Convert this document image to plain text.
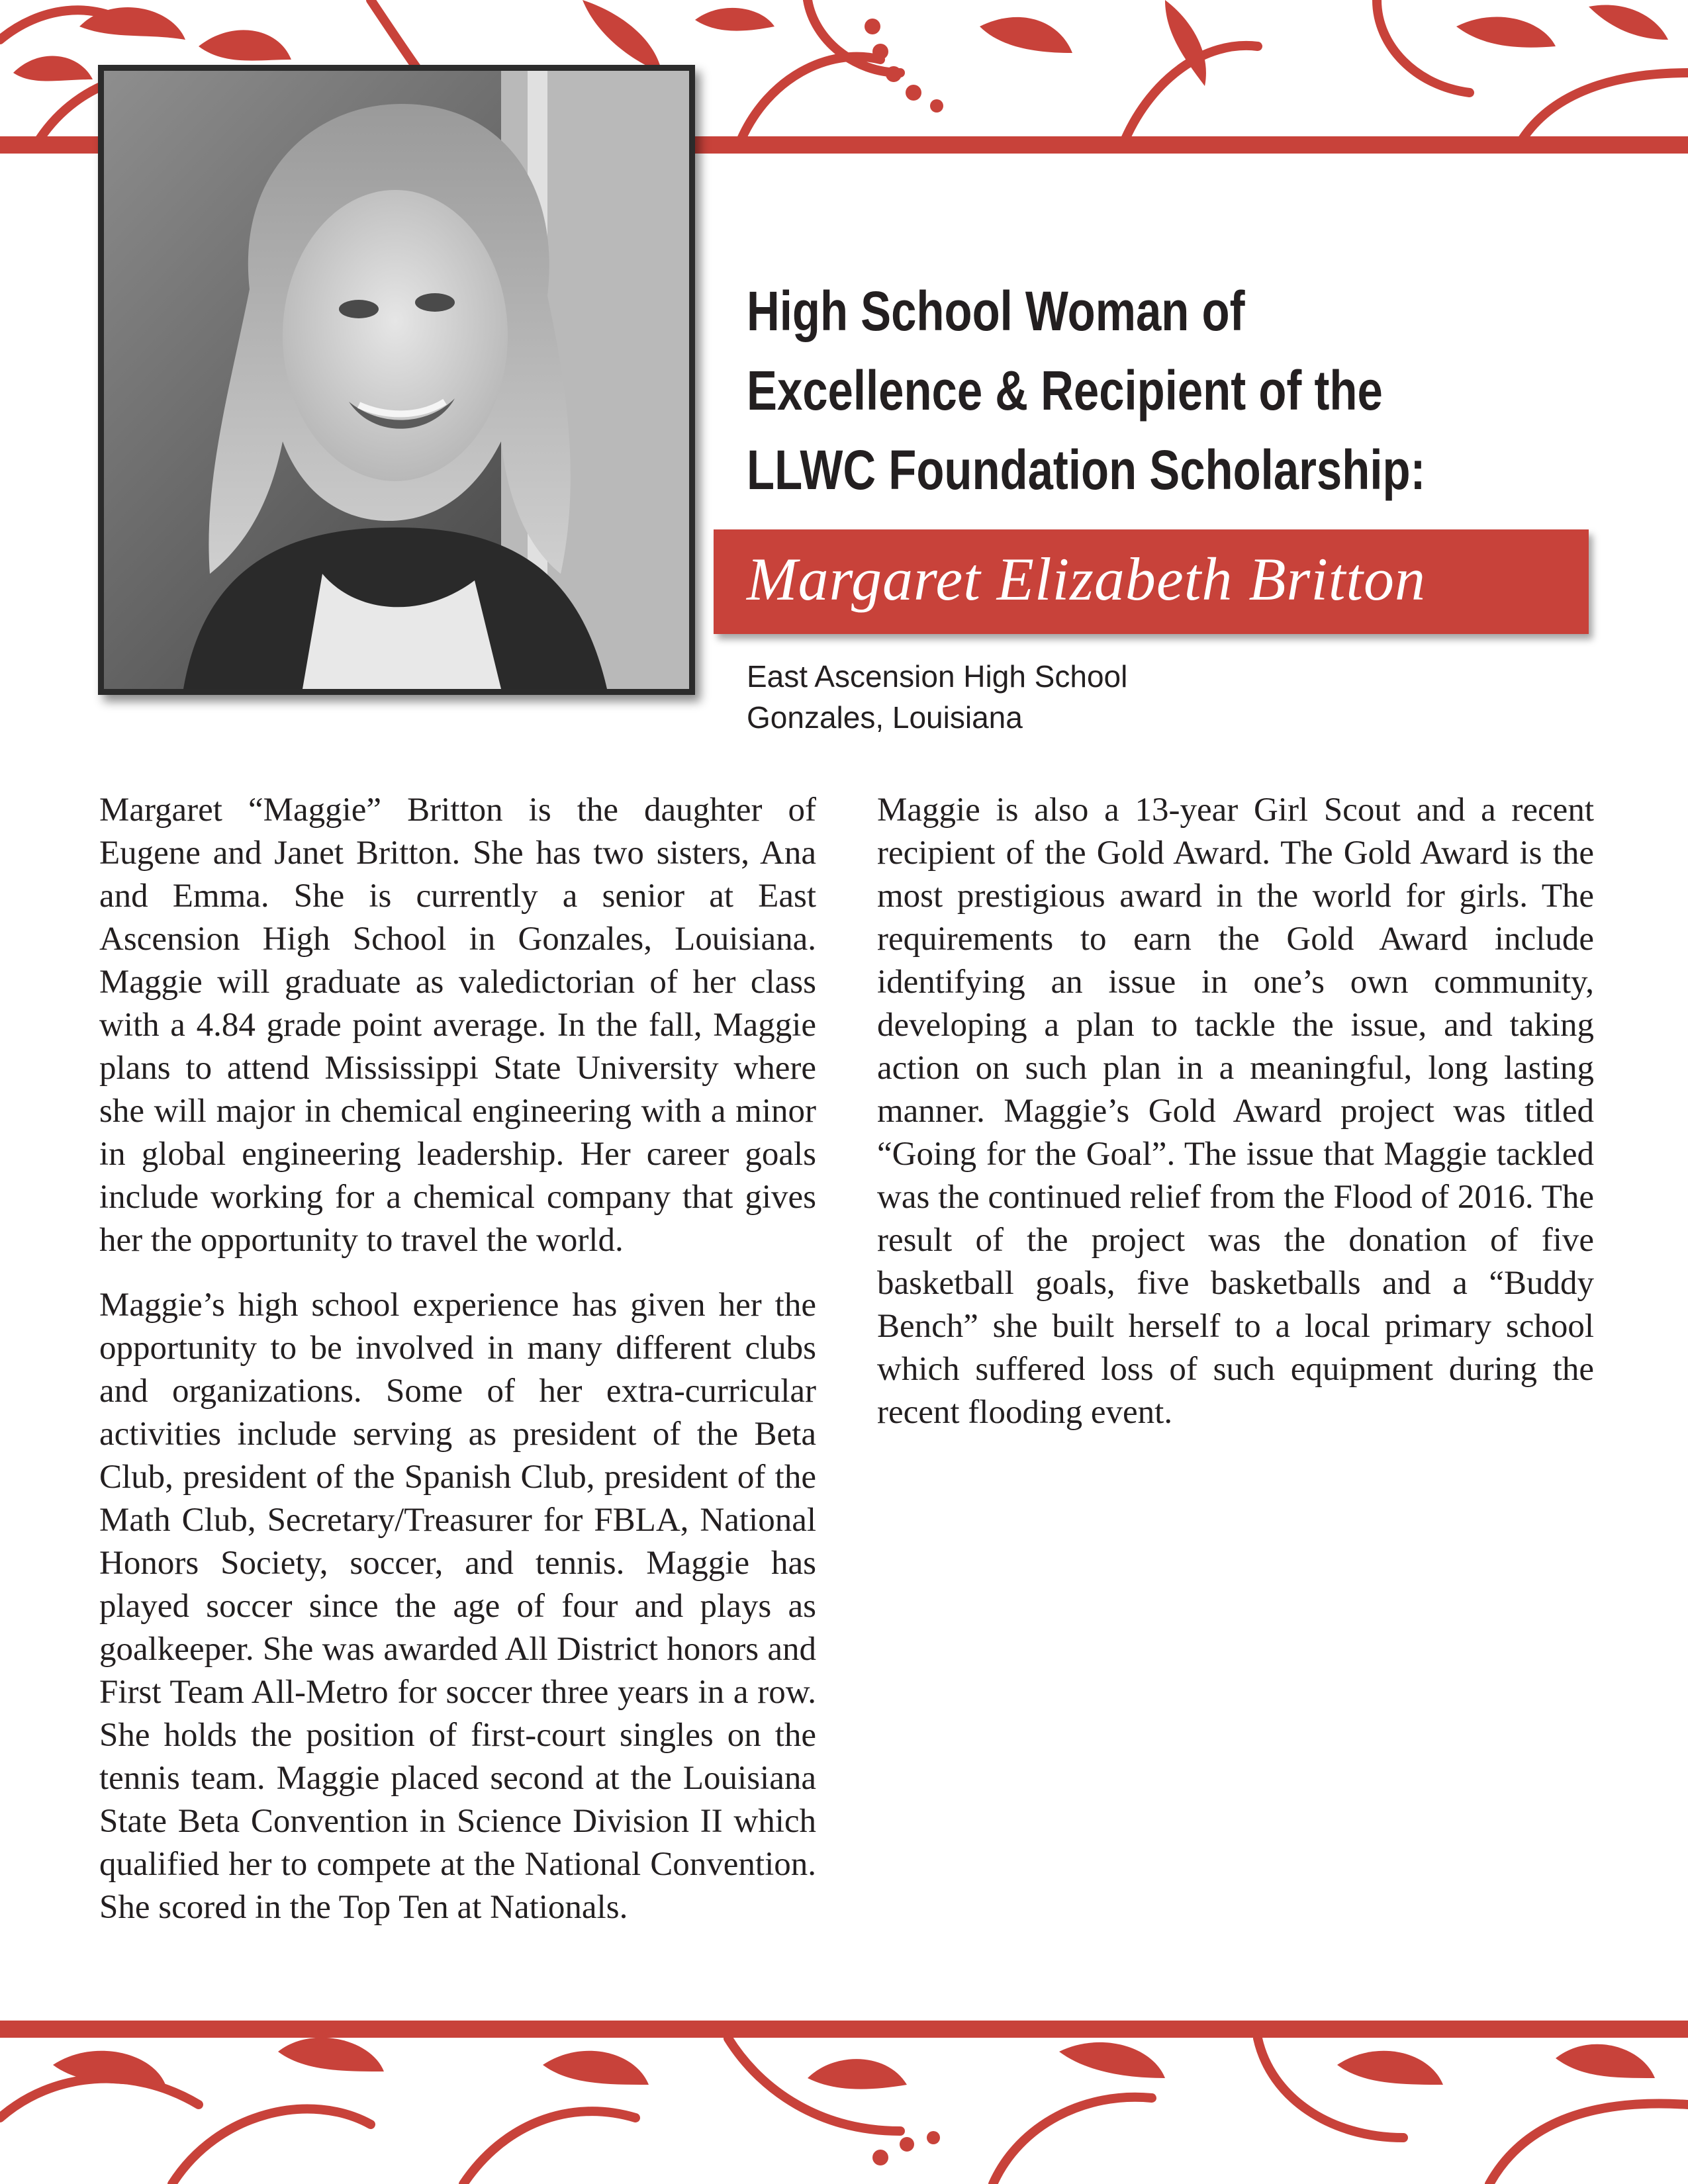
High School Woman of
Excellence & Recipient of the
LLWC Foundation Scholarship:
Margaret Elizabeth Britton
East Ascension High School
Gonzales, Louisiana

Margaret “Maggie” Britton is the daughter of Eugene and Janet Britton. She has two sisters, Ana and Emma. She is currently a senior at East Ascension High School in Gonzales, Louisiana. Maggie will graduate as valedictorian of her class with a 4.84 grade point average. In the fall, Maggie plans to attend Mississippi State University where she will major in chemical engineering with a minor in global engineering leadership. Her career goals include working for a chemical company that gives her the opportunity to travel the world.

Maggie’s high school experience has given her the opportunity to be involved in many different clubs and organizations. Some of her extra-curricular activities include serving as president of the Beta Club, president of the Spanish Club, president of the Math Club, Secretary/Treasurer for FBLA, National Honors Society, soccer, and tennis. Maggie has played soccer since the age of four and plays as goalkeeper. She was awarded All District honors and First Team All-Metro for soccer three years in a row. She holds the position of first-court singles on the tennis team. Maggie placed second at the Louisiana State Beta Convention in Science Division II which qualified her to compete at the National Convention. She scored in the Top Ten at Nationals.

Maggie is also a 13-year Girl Scout and a recent recipient of the Gold Award. The Gold Award is the most prestigious award in the world for girls. The requirements to earn the Gold Award include identifying an issue in one’s own community, developing a plan to tackle the issue, and taking action on such plan in a meaningful, long lasting manner. Maggie’s Gold Award project was titled “Going for the Goal”. The issue that Maggie tackled was the continued relief from the Flood of 2016. The result of the project was the donation of five basketball goals, five basketballs and a “Buddy Bench” she built herself to a local primary school which suffered loss of such equipment during the recent flooding event.
